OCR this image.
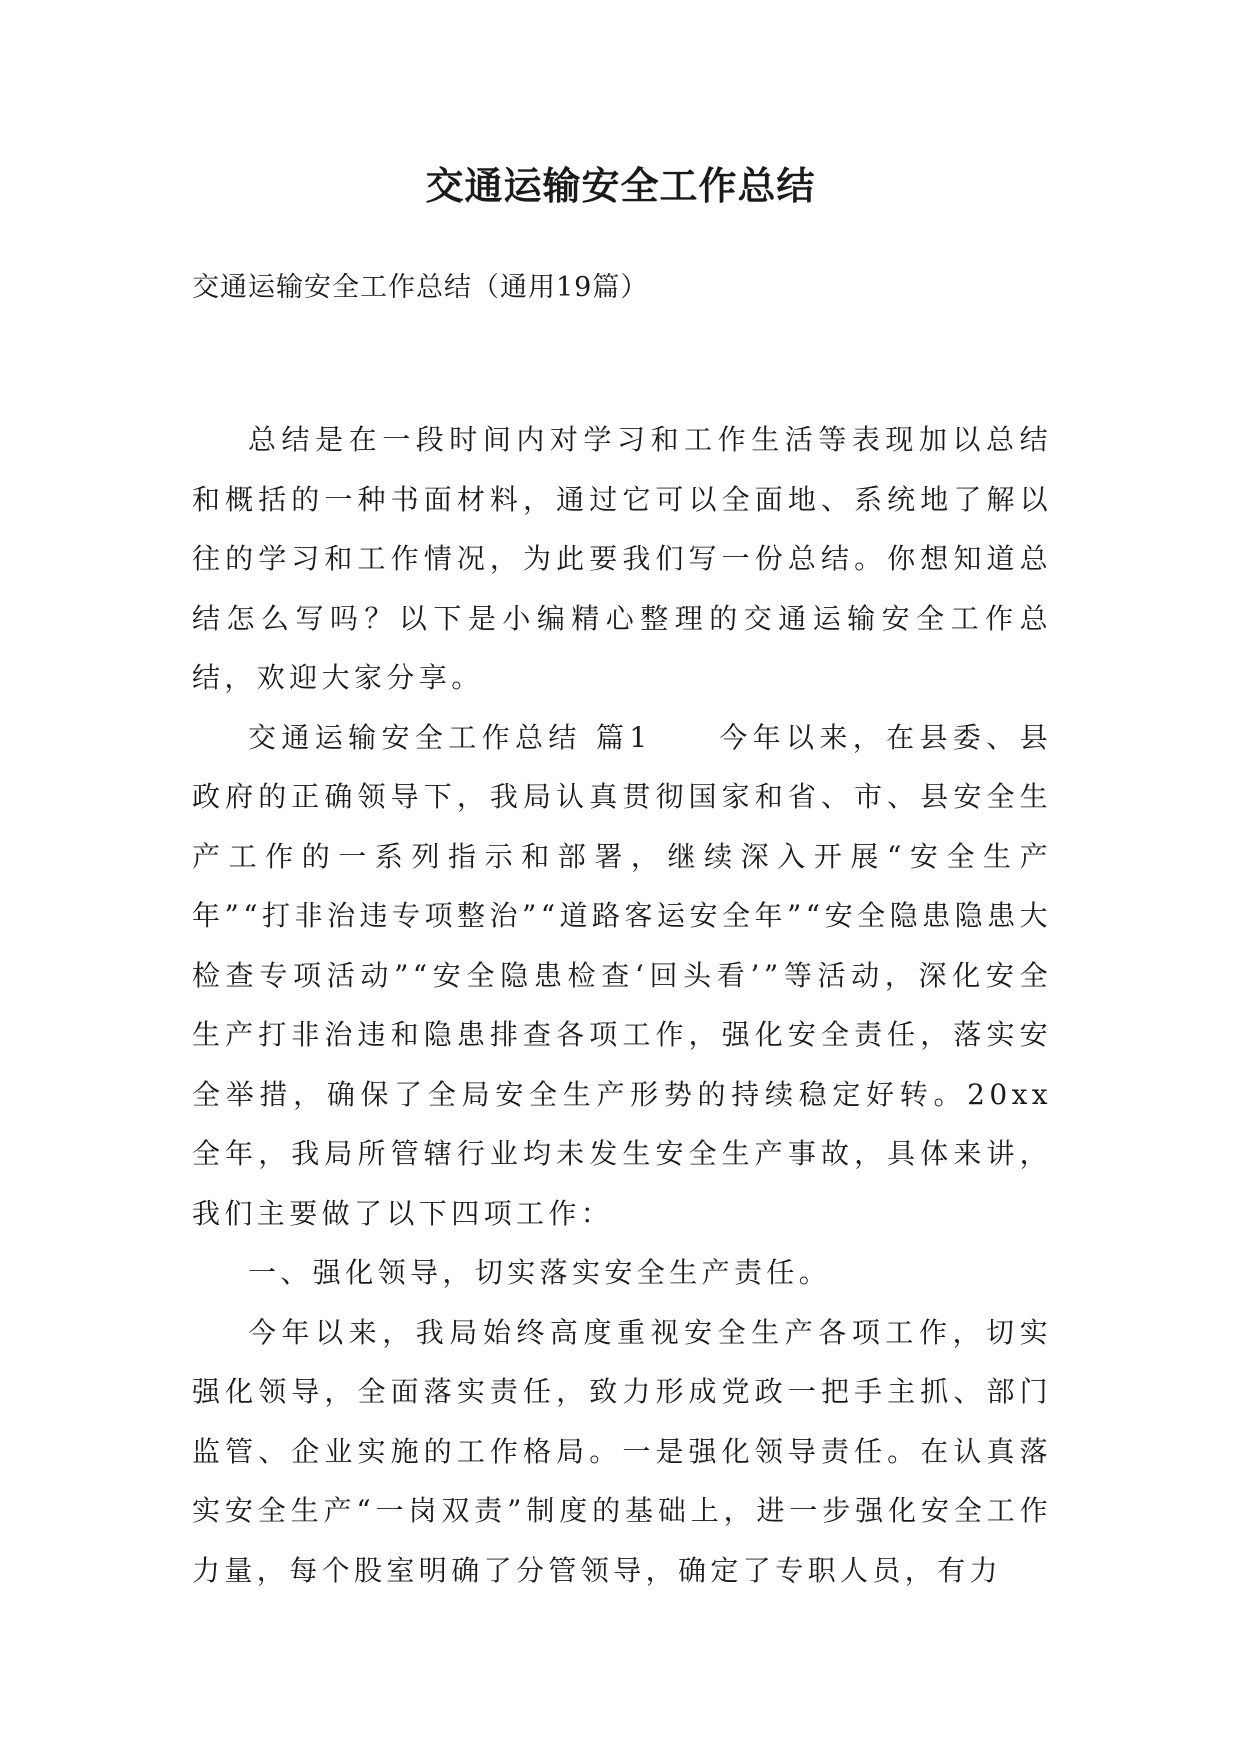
交通运输安全工作总结
交通运输安全工作总结（通用19篇）

总结是在一段时间内对学习和工作生活等表现加以总结和概括的一种书面材料，通过它可以全面地、系统地了解以往的学习和工作情况，为此要我们写一份总结。你想知道总结怎么写吗？以下是小编精心整理的交通运输安全工作总结，欢迎大家分享。

交通运输安全工作总结 篇1　　今年以来，在县委、县政府的正确领导下，我局认真贯彻国家和省、市、县安全生产工作的一系列指示和部署，继续深入开展“安全生产年”“打非治违专项整治”“道路客运安全年”“安全隐患隐患大检查专项活动”“安全隐患检查‘回头看’”等活动，深化安全生产打非治违和隐患排查各项工作，强化安全责任，落实安全举措，确保了全局安全生产形势的持续稳定好转。20xx全年，我局所管辖行业均未发生安全生产事故，具体来讲，我们主要做了以下四项工作：

一、强化领导，切实落实安全生产责任。

今年以来，我局始终高度重视安全生产各项工作，切实强化领导，全面落实责任，致力形成党政一把手主抓、部门监管、企业实施的工作格局。一是强化领导责任。在认真落实安全生产“一岗双责”制度的基础上，进一步强化安全工作力量，每个股室明确了分管领导，确定了专职人员，有力
